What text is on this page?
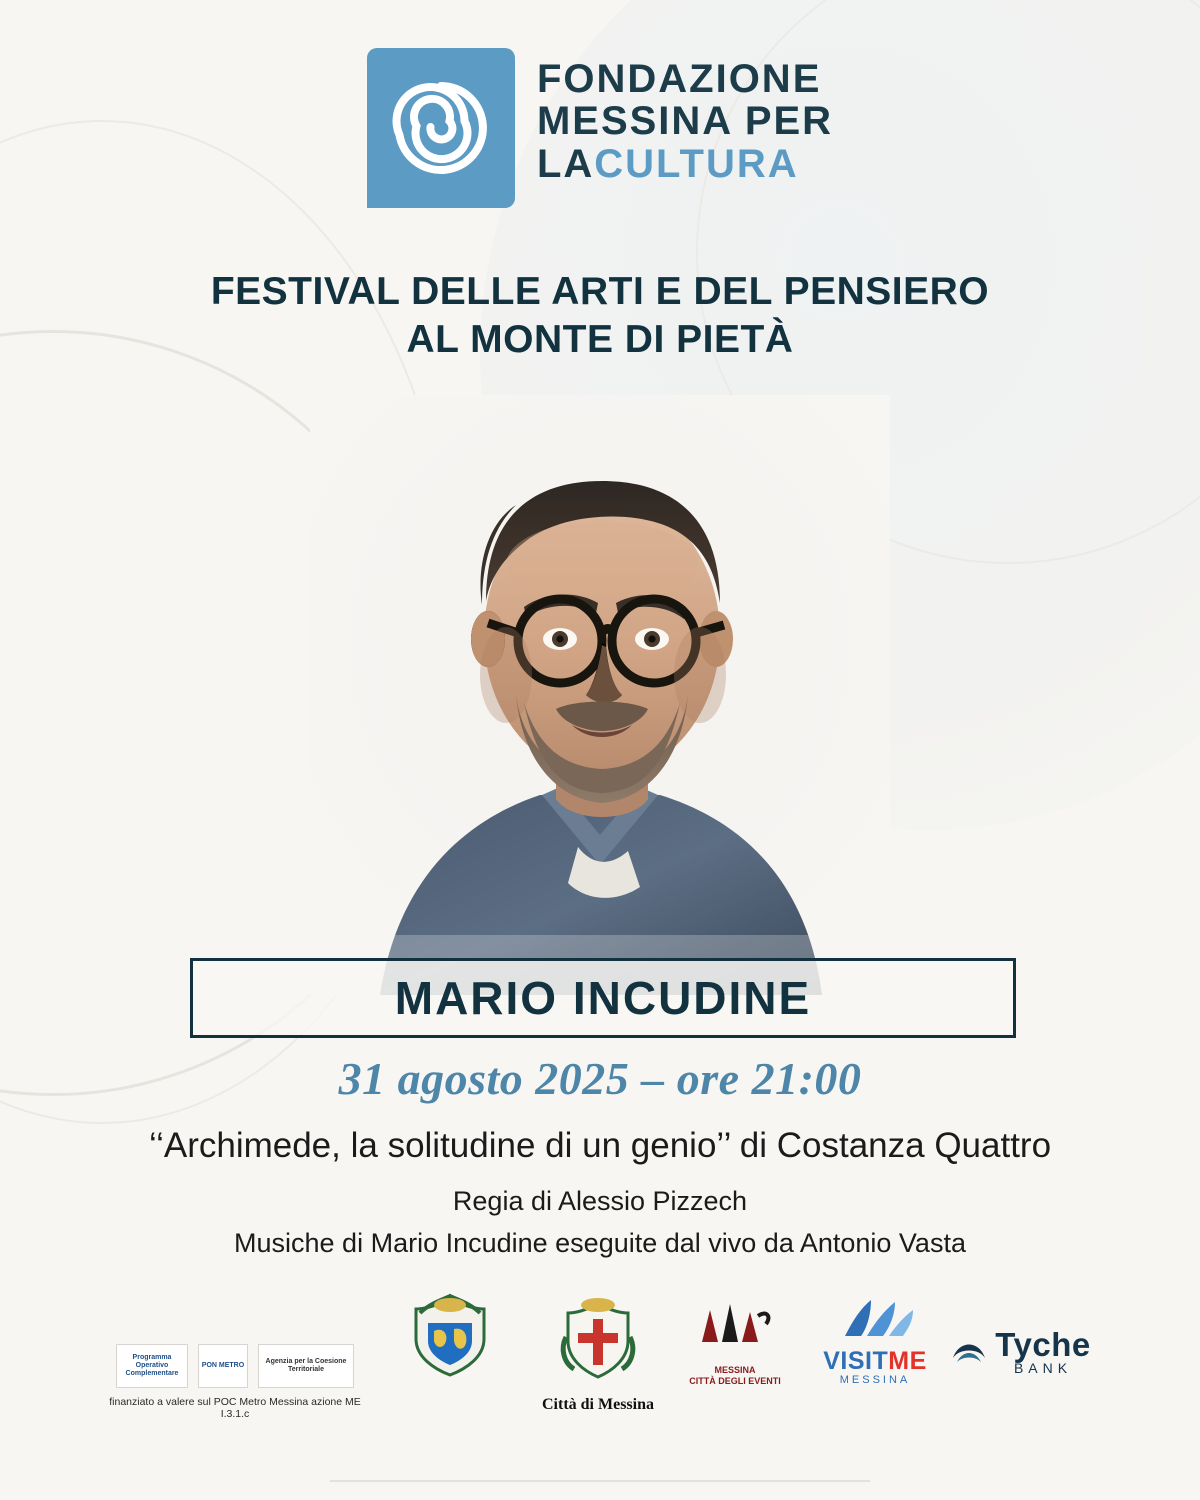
FONDAZIONE
MESSINA PER
LACULTURA
FESTIVAL DELLE ARTI E DEL PENSIERO
AL MONTE DI PIETÀ
MARIO INCUDINE
31 agosto 2025 – ore 21:00
‘‘Archimede, la solitudine di un genio’’ di Costanza Quattro
Regia di Alessio Pizzech
Musiche di Mario Incudine eseguite dal vivo da Antonio Vasta
Programma Operativo Complementare
PON METRO
Agenzia per la Coesione Territoriale
finanziato a valere sul POC Metro Messina azione ME I.3.1.c
Città di Messina
MESSINA
CITTÀ DEGLI EVENTI
VISITME
MESSINA
Tyche
BANK
